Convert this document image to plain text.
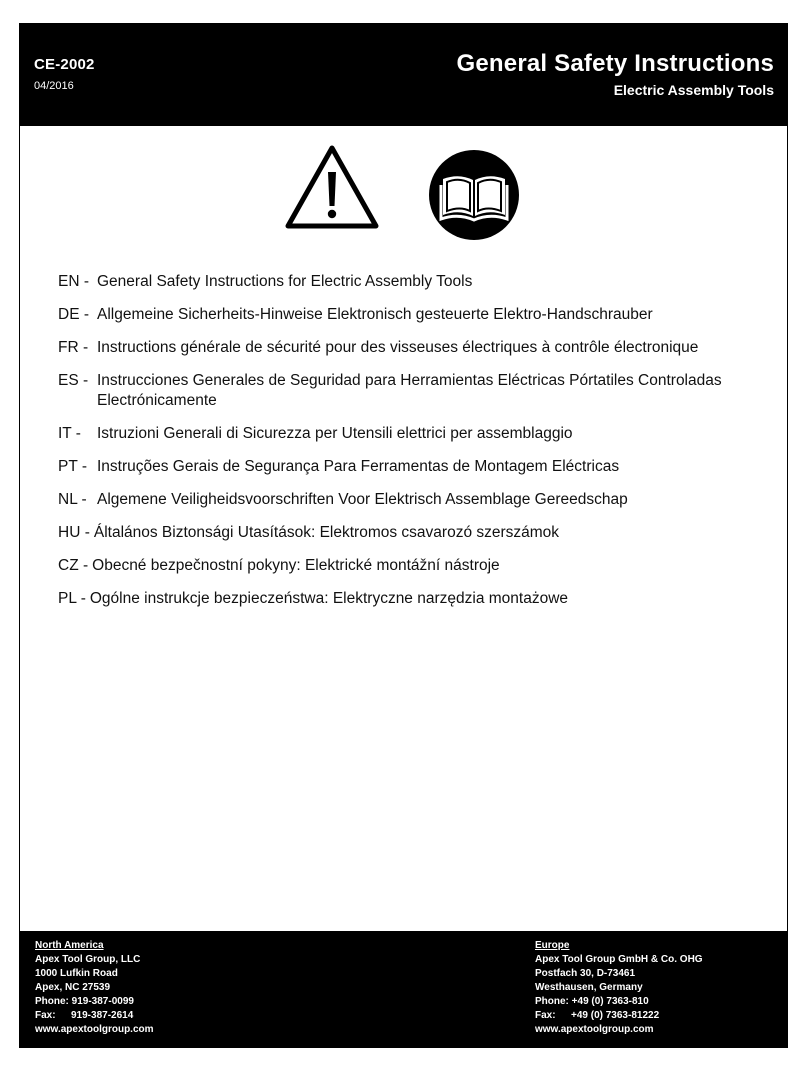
CE-2002
04/2016
General Safety Instructions
Electric Assembly Tools
EN - General Safety Instructions for Electric Assembly Tools
DE - Allgemeine Sicherheits-Hinweise Elektronisch gesteuerte Elektro-Handschrauber
FR - Instructions générale de sécurité pour des visseuses électriques à contrôle électronique
ES - Instrucciones Generales de Seguridad para Herramientas Eléctricas Pórtatiles Controladas Electrónicamente
IT -	Istruzioni Generali di Sicurezza per Utensili elettrici per assemblaggio
PT - Instruções Gerais de Segurança Para Ferramentas de Montagem Eléctricas
NL - Algemene Veiligheidsvoorschriften Voor Elektrisch Assemblage Gereedschap
HU - Általános Biztonsági Utasítások: Elektromos csavarozó szerszámok
CZ - Obecné bezpečnostní pokyny: Elektrické montážní nástroje
PL - Ogólne instrukcje bezpieczeństwa: Elektryczne narzędzia montażowe
North America
Apex Tool Group, LLC
1000 Lufkin Road
Apex, NC 27539
Phone: 919-387-0099
Fax: 919-387-2614
www.apextoolgroup.com
Europe
Apex Tool Group GmbH & Co. OHG
Postfach 30, D-73461
Westhausen, Germany
Phone: +49 (0) 7363-810
Fax: +49 (0) 7363-81222
www.apextoolgroup.com
